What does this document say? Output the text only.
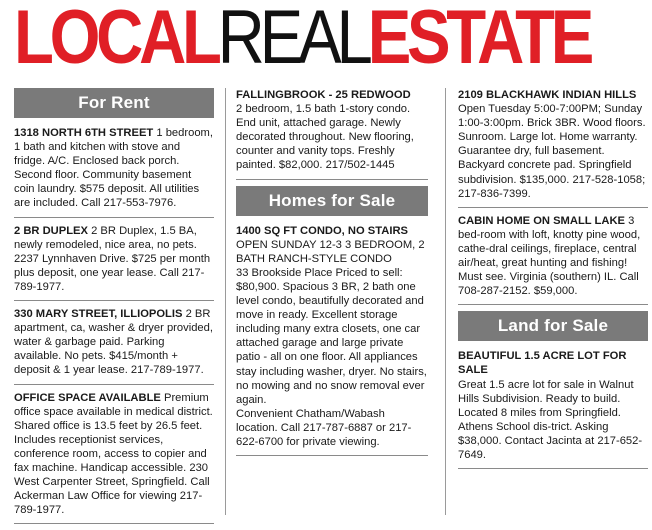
LOCALREALESTATE
For Rent
1318 NORTH 6TH STREET 1 bedroom, 1 bath and kitchen with stove and fridge. A/C. Enclosed back porch. Second floor. Community basement coin laundry. $575 deposit. All utilities are included. Call 217-553-7976.
2 BR DUPLEX 2 BR Duplex, 1.5 BA, newly remodeled, nice area, no pets. 2237 Lynnhaven Drive. $725 per month plus deposit, one year lease. Call 217-789-1977.
330 MARY STREET, ILLIOPOLIS 2 BR apartment, ca, washer & dryer provided, water & garbage paid. Parking available. No pets. $415/month + deposit & 1 year lease. 217-789-1977.
OFFICE SPACE AVAILABLE Premium office space available in medical district. Shared office is 13.5 feet by 26.5 feet. Includes receptionist services, conference room, access to copier and fax machine. Handicap accessible. 230 West Carpenter Street, Springfield. Call Ackerman Law Office for viewing 217-789-1977.
FALLINGBROOK - 25 REDWOOD
2 bedroom, 1.5 bath 1-story condo. End unit, attached garage. Newly decorated throughout. New flooring, counter and vanity tops. Freshly painted. $82,000. 217/502-1445
Homes for Sale
1400 SQ FT CONDO, NO STAIRS OPEN SUNDAY 12-3 3 BEDROOM, 2 BATH RANCH-STYLE CONDO
33 Brookside Place Priced to sell: $80,900. Spacious 3 BR, 2 bath one level condo, beautifully decorated and move in ready. Excellent storage including many extra closets, one car attached garage and large private patio - all on one floor. All appliances stay including washer, dryer. No stairs, no mowing and no snow removal ever again.
Convenient Chatham/Wabash location. Call 217-787-6887 or 217-622-6700 for private viewing.
2109 BLACKHAWK INDIAN HILLS
Open Tuesday 5:00-7:00PM; Sunday 1:00-3:00pm. Brick 3BR. Wood floors. Sunroom. Large lot. Home warranty. Guarantee dry, full basement. Backyard concrete pad. Springfield subdivision. $135,000. 217-528-1058; 217-836-7399.
CABIN HOME ON SMALL LAKE 3 bed-room with loft, knotty pine wood, cathe-dral ceilings, fireplace, central air/heat, great hunting and fishing! Must see. Virginia (southern) IL. Call 708-287-2152. $59,000.
Land for Sale
BEAUTIFUL 1.5 ACRE LOT FOR SALE
Great 1.5 acre lot for sale in Walnut Hills Subdivision. Ready to build. Located 8 miles from Springfield. Athens School dis-trict. Asking $38,000. Contact Jacinta at 217-652-7649.
